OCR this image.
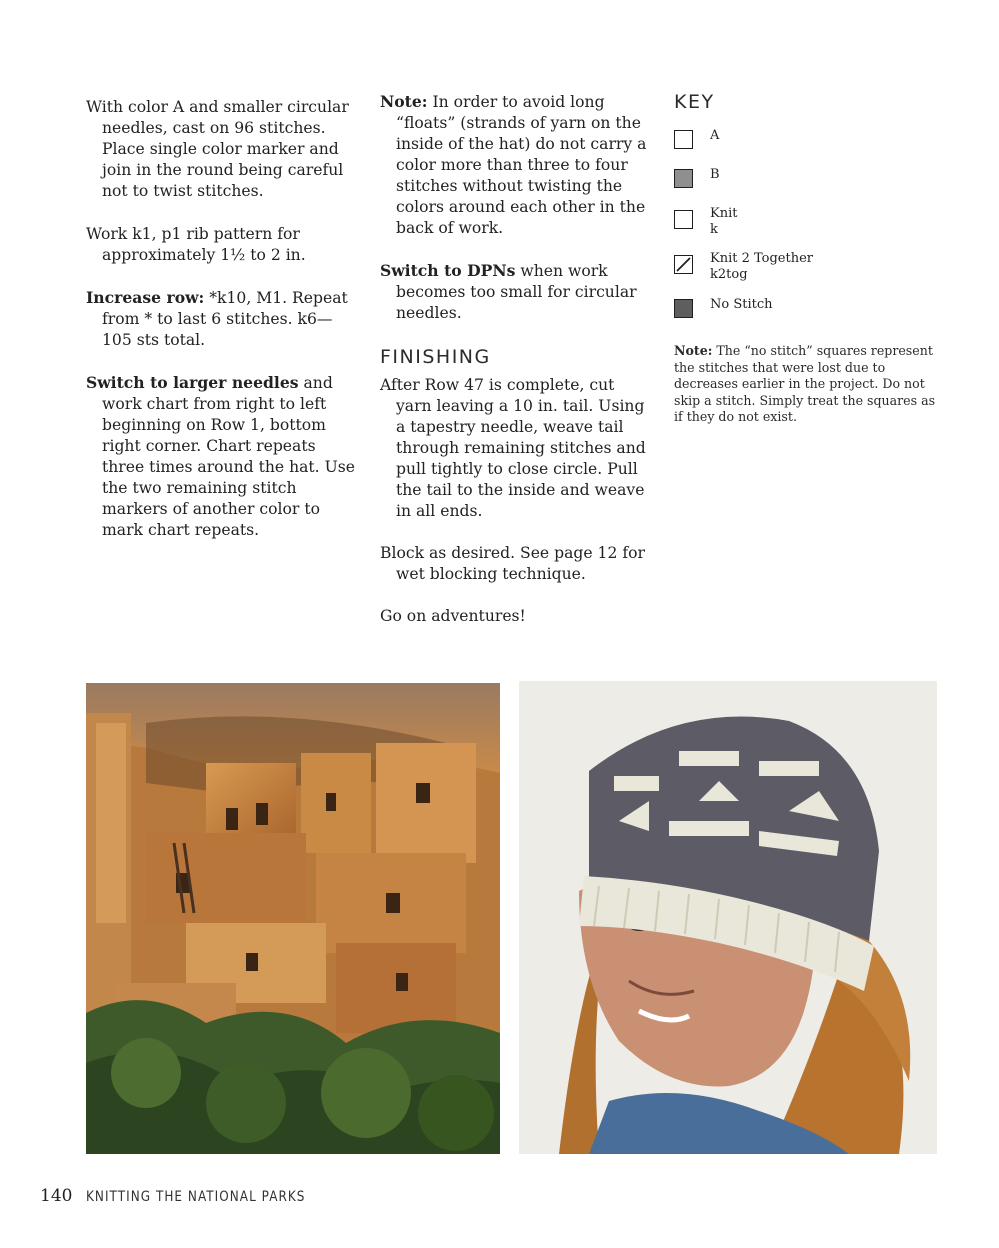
With color A and smaller circular needles, cast on 96 stitches. Place single color marker and join in the round being careful not to twist stitches.

Work k1, p1 rib pattern for approximately 1½ to 2 in.

Increase row: *k10, M1. Repeat from * to last 6 stitches. k6—105 sts total.

Switch to larger needles and work chart from right to left beginning on Row 1, bottom right corner. Chart repeats three times around the hat. Use the two remaining stitch markers of another color to mark chart repeats.

Note: In order to avoid long “floats” (strands of yarn on the inside of the hat) do not carry a color more than three to four stitches without twisting the colors around each other in the back of work.

Switch to DPNs when work becomes too small for circular needles.

FINISHING

After Row 47 is complete, cut yarn leaving a 10 in. tail. Using a tapestry needle, weave tail through remaining stitches and pull tightly to close circle. Pull the tail to the inside and weave in all ends.

Block as desired. See page 12 for wet blocking technique.

Go on adventures!

KEY
A
B
Knit
k
Knit 2 Together
k2tog
No Stitch

Note: The “no stitch” squares represent the stitches that were lost due to decreases earlier in the project. Do not skip a stitch. Simply treat the squares as if they do not exist.

140 KNITTING THE NATIONAL PARKS
